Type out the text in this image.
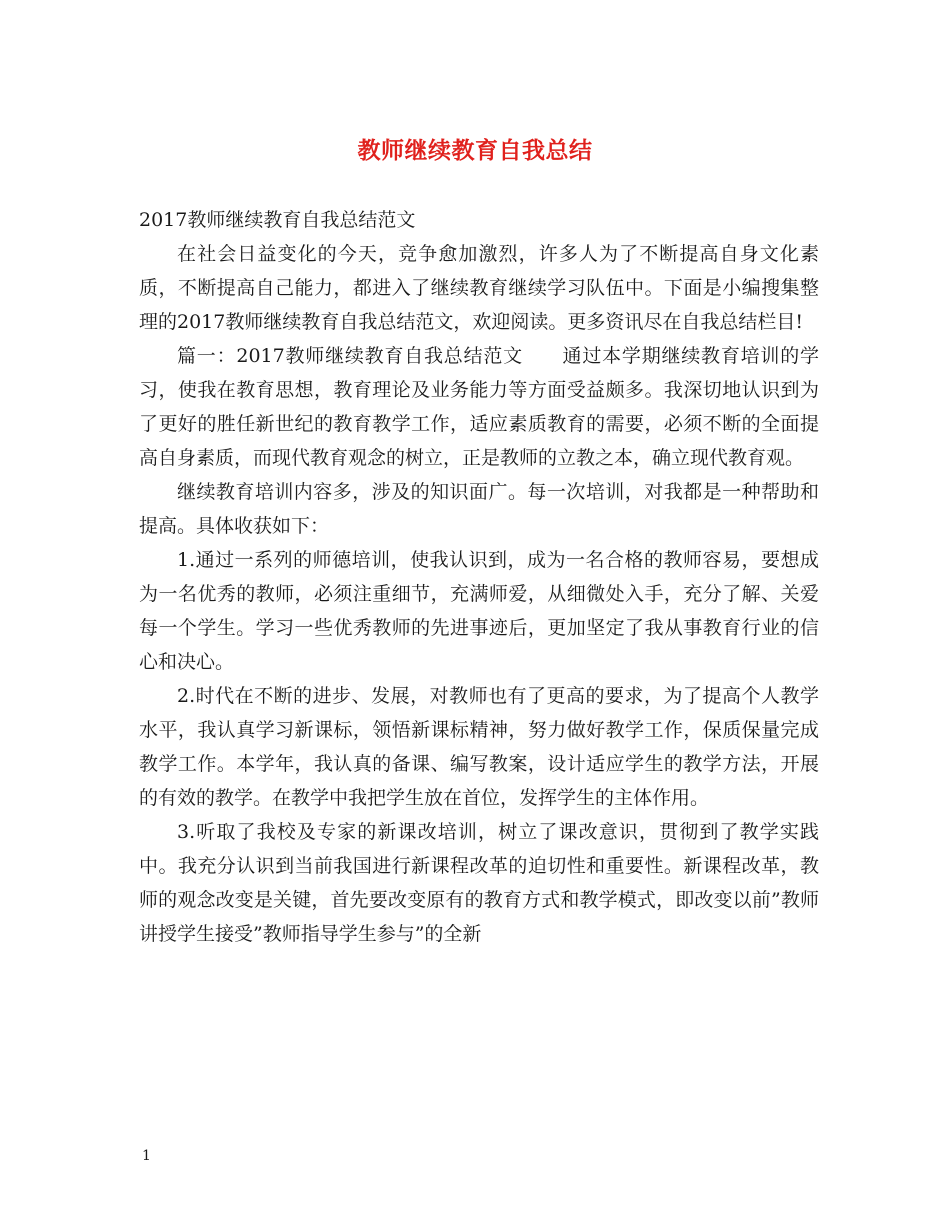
教师继续教育自我总结

2017教师继续教育自我总结范文

在社会日益变化的今天，竞争愈加激烈，许多人为了不断提高自身文化素质，不断提高自己能力，都进入了继续教育继续学习队伍中。下面是小编搜集整理的2017教师继续教育自我总结范文，欢迎阅读。更多资讯尽在自我总结栏目!

篇一：2017教师继续教育自我总结范文　　通过本学期继续教育培训的学习，使我在教育思想，教育理论及业务能力等方面受益颇多。我深切地认识到为了更好的胜任新世纪的教育教学工作，适应素质教育的需要，必须不断的全面提高自身素质，而现代教育观念的树立，正是教师的立教之本，确立现代教育观。

继续教育培训内容多，涉及的知识面广。每一次培训，对我都是一种帮助和提高。具体收获如下：

1.通过一系列的师德培训，使我认识到，成为一名合格的教师容易，要想成为一名优秀的教师，必须注重细节，充满师爱，从细微处入手，充分了解、关爱每一个学生。学习一些优秀教师的先进事迹后，更加坚定了我从事教育行业的信心和决心。

2.时代在不断的进步、发展，对教师也有了更高的要求，为了提高个人教学水平，我认真学习新课标，领悟新课标精神，努力做好教学工作，保质保量完成教学工作。本学年，我认真的备课、编写教案，设计适应学生的教学方法，开展的有效的教学。在教学中我把学生放在首位，发挥学生的主体作用。

3.听取了我校及专家的新课改培训，树立了课改意识，贯彻到了教学实践中。我充分认识到当前我国进行新课程改革的迫切性和重要性。新课程改革，教师的观念改变是关键，首先要改变原有的教育方式和教学模式，即改变以前”教师讲授学生接受”教师指导学生参与”的全新

1
